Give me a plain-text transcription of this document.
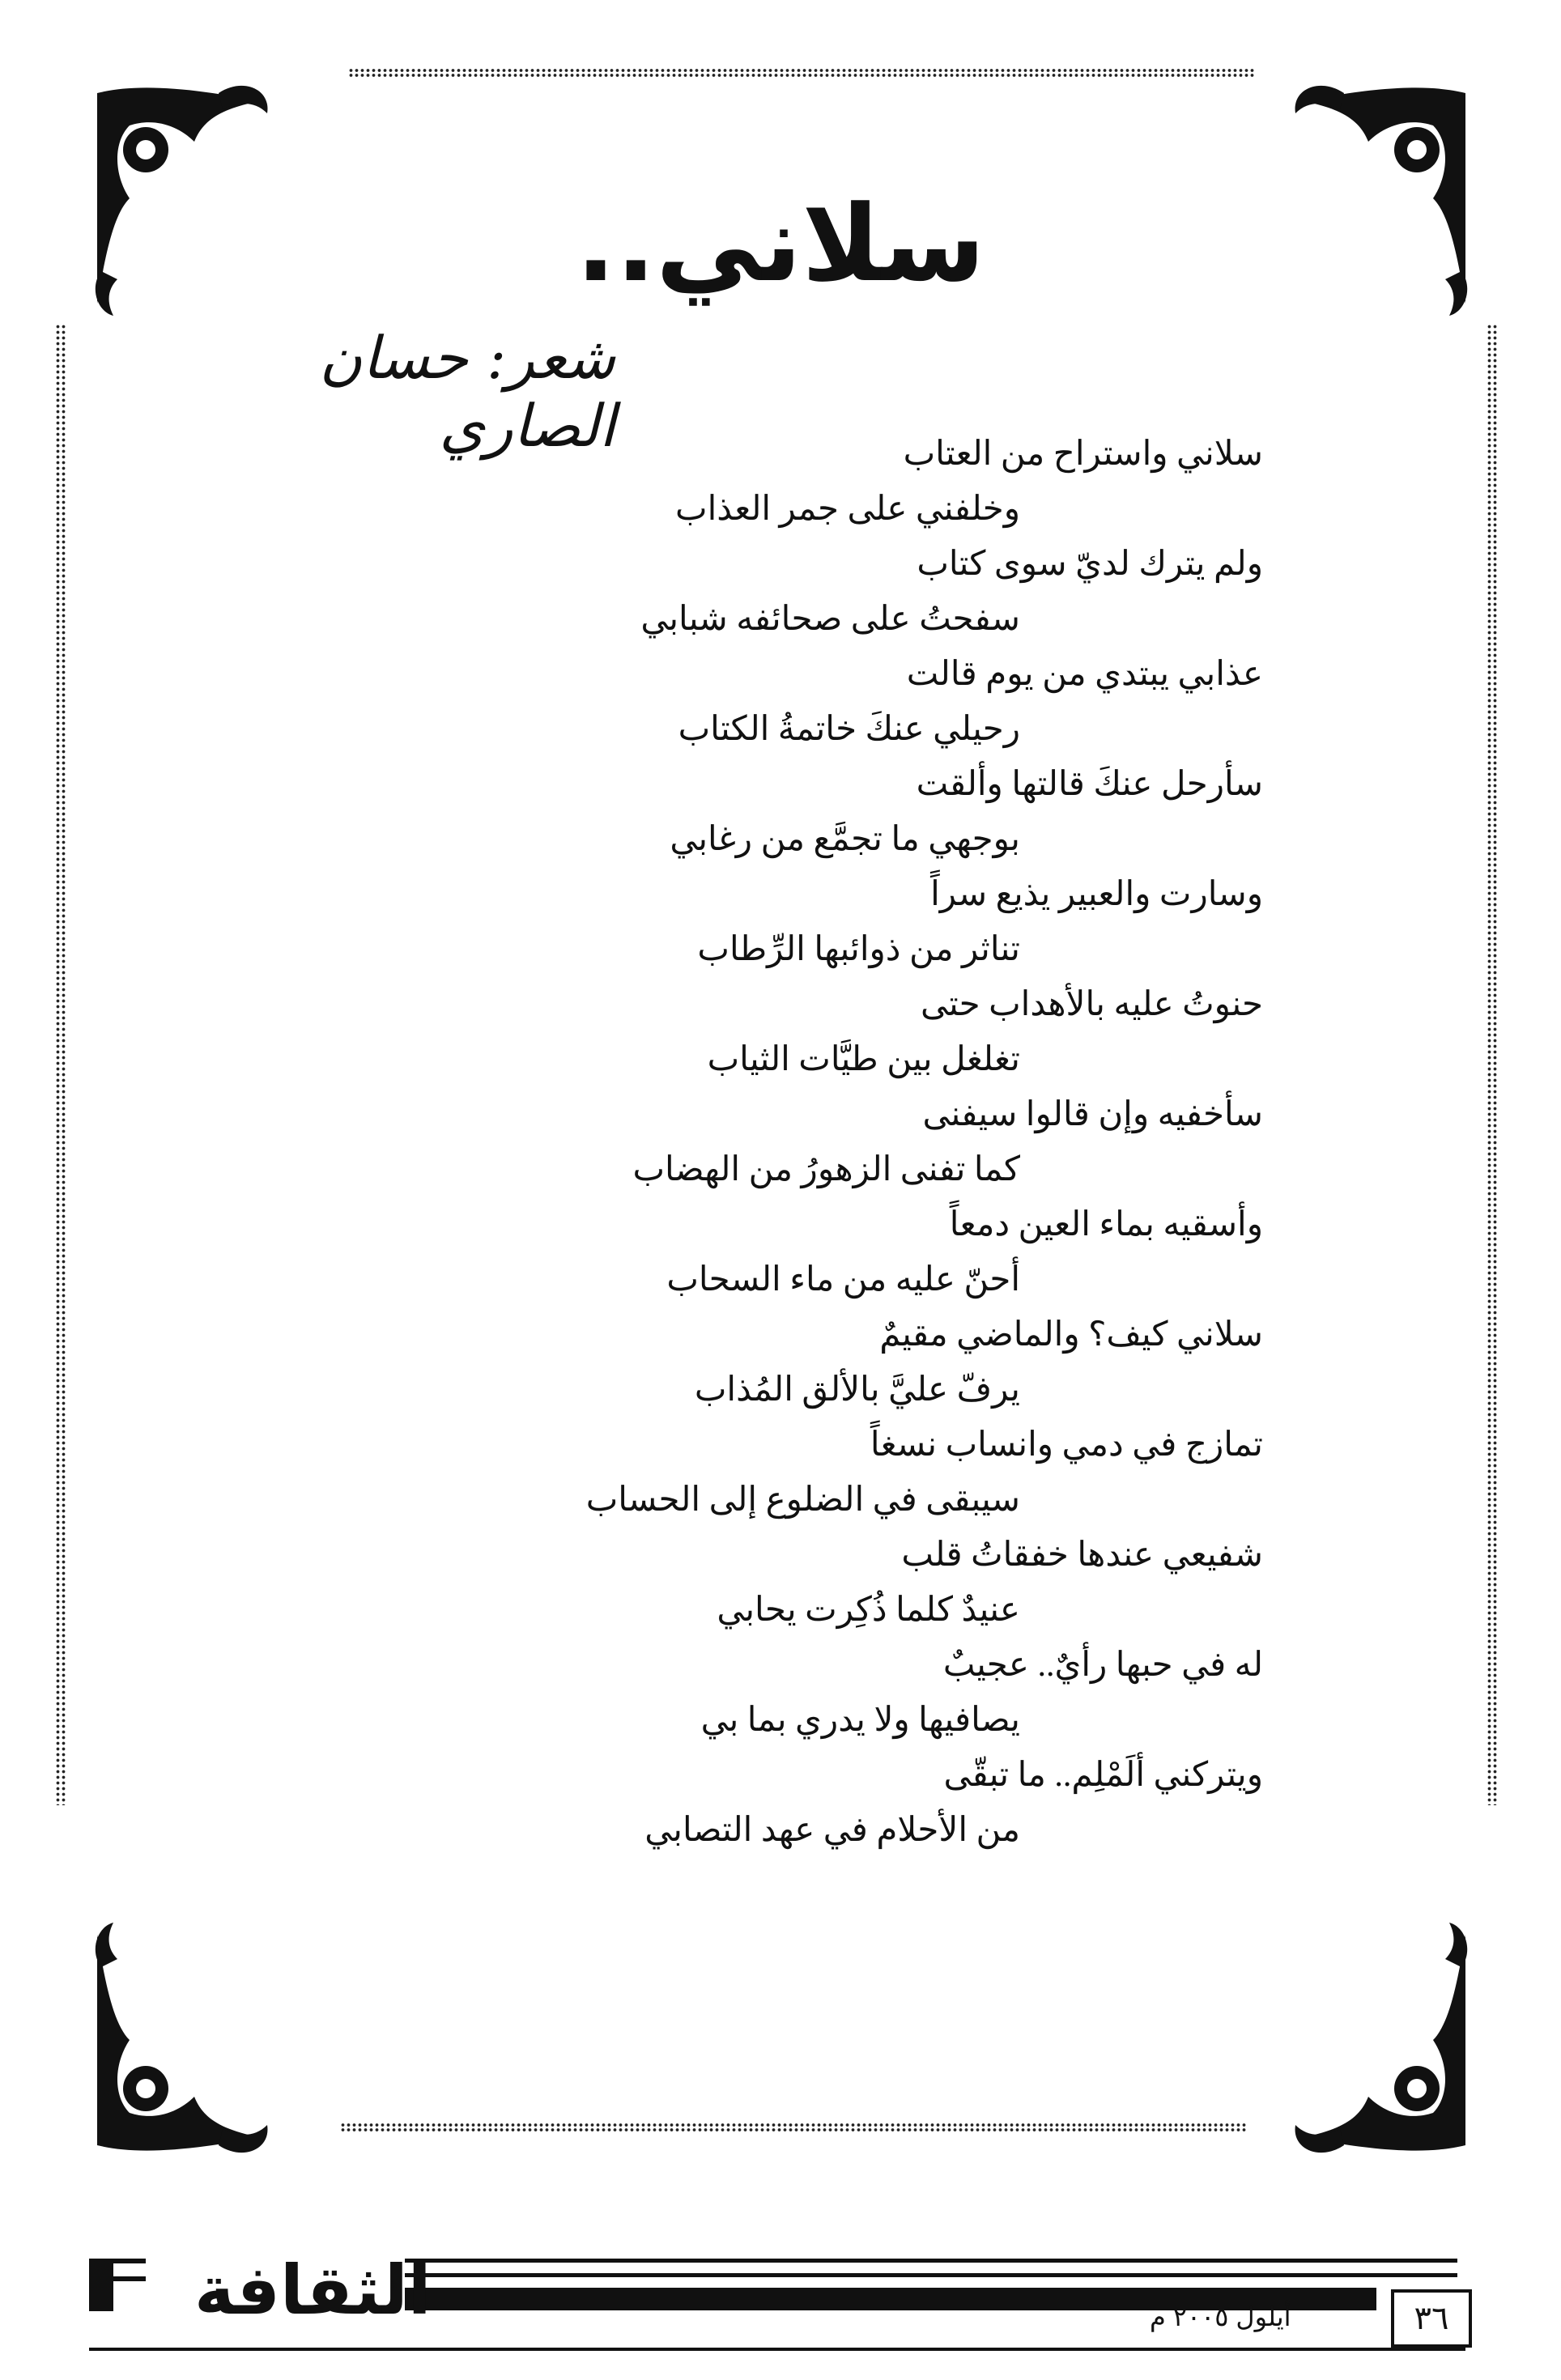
سلاني..
شعر: حسان الصاري	سلاني واستراح من العتاب
وخلفني على جمر العذاب
ولم يترك لديّ سوى كتاب
سفحتُ على صحائفه شبابي
عذابي يبتدي من يوم قالت
رحيلي عنكَ خاتمةُ الكتاب
سأرحل عنكَ قالتها وألقت
بوجهي ما تجمَّع من رغابي
وسارت والعبير يذيع سراً
تناثر من ذوائبها الرِّطاب
حنوتُ عليه بالأهداب حتى
تغلغل بين طيَّات الثياب
سأخفيه وإن قالوا سيفنى
كما تفنى الزهورُ من الهضاب
وأسقيه بماء العين دمعاً
أحنّ عليه من ماء السحاب
سلاني كيف؟ والماضي مقيمٌ
يرفّ عليَّ بالألق المُذاب
تمازج في دمي وانساب نسغاً
سيبقى في الضلوع إلى الحساب
شفيعي عندها خفقاتُ قلب
عنيدٌ كلما ذُكِرت يحابي
له في حبها رأيٌ.. عجيبٌ
يصافيها ولا يدري بما بي
ويتركني ألَمْلِم.. ما تبقّى
من الأحلام في عهد التصابي
الثقافة	أيلول ٢٠٠٥ م	٣٦
